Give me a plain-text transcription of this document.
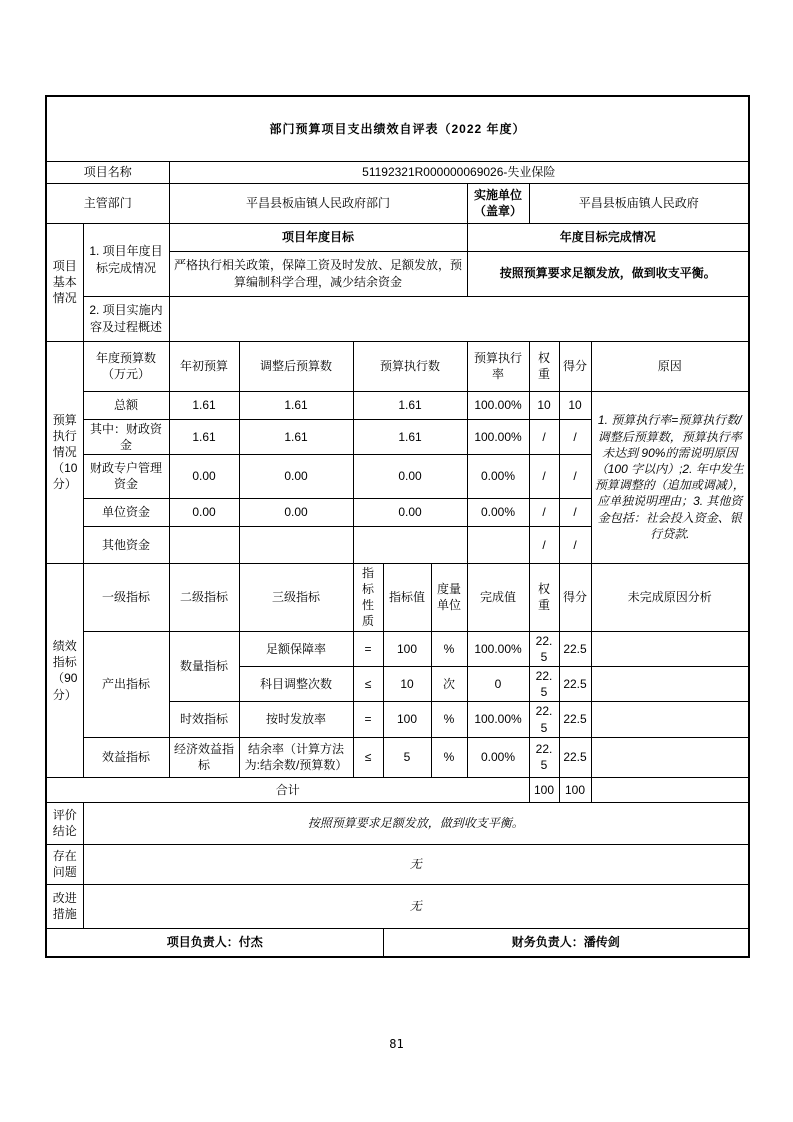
部门预算项目支出绩效自评表（2022 年度）										
项目名称		51192321R000000069026-失业保险								
主管部门		平昌县板庙镇人民政府部门					实施单位（盖章）	平昌县板庙镇人民政府		
项目基本情况	1. 项目年度目标完成情况	项目年度目标					年度目标完成情况			
		严格执行相关政策，保障工资及时发放、足额发放，预算编制科学合理，减少结余资金					按照预算要求足额发放，做到收支平衡。			
	2. 项目实施内容及过程概述									
预算执行情况（10分）	年度预算数（万元）	年初预算	调整后预算数	预算执行数			预算执行率	权重	得分	原因
	总额	1.61	1.61	1.61			100.00%	10	10	1. 预算执行率=预算执行数/调整后预算数，预算执行率未达到 90%的需说明原因（100 字以内）;2. 年中发生预算调整的（追加或调减），应单独说明理由；3. 其他资金包括：社会投入资金、银行贷款.
	其中：财政资金	1.61	1.61	1.61			100.00%	/	/	
	财政专户管理资金	0.00	0.00	0.00			0.00%	/	/	
	单位资金	0.00	0.00	0.00			0.00%	/	/	
	其他资金							/	/	
绩效指标（90分）	一级指标	二级指标	三级指标	指标性质	指标值	度量单位	完成值	权重	得分	未完成原因分析
	产出指标	数量指标	足额保障率	=	100	%	100.00%	22.5	22.5	
			科目调整次数	≤	10	次	0	22.5	22.5	
		时效指标	按时发放率	=	100	%	100.00%	22.5	22.5	
	效益指标	经济效益指标	结余率（计算方法为:结余数/预算数）	≤	5	%	0.00%	22.5	22.5	
合计								100	100	
评价结论	按照预算要求足额发放，做到收支平衡。									
存在问题	无									
改进措施	无									
项目负责人：付杰					财务负责人：潘传剑					
81
